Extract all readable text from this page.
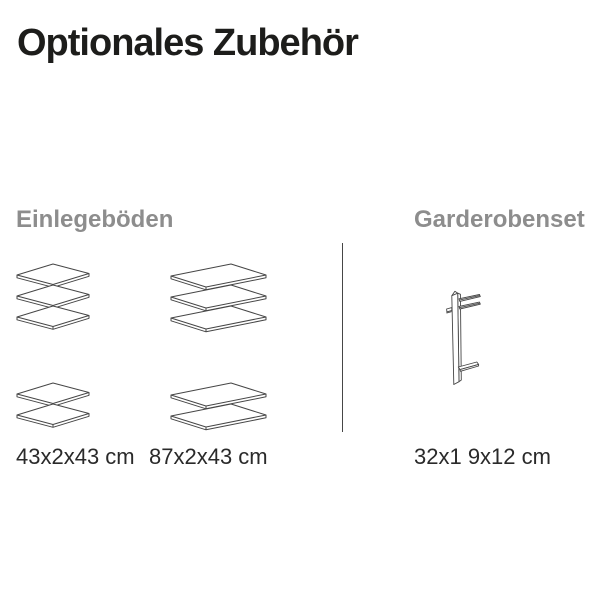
Optionales Zubehör
Einlegeböden	Garderobenset
43x2x43 cm 87x2x43 cm	32x1 9x12 cm
